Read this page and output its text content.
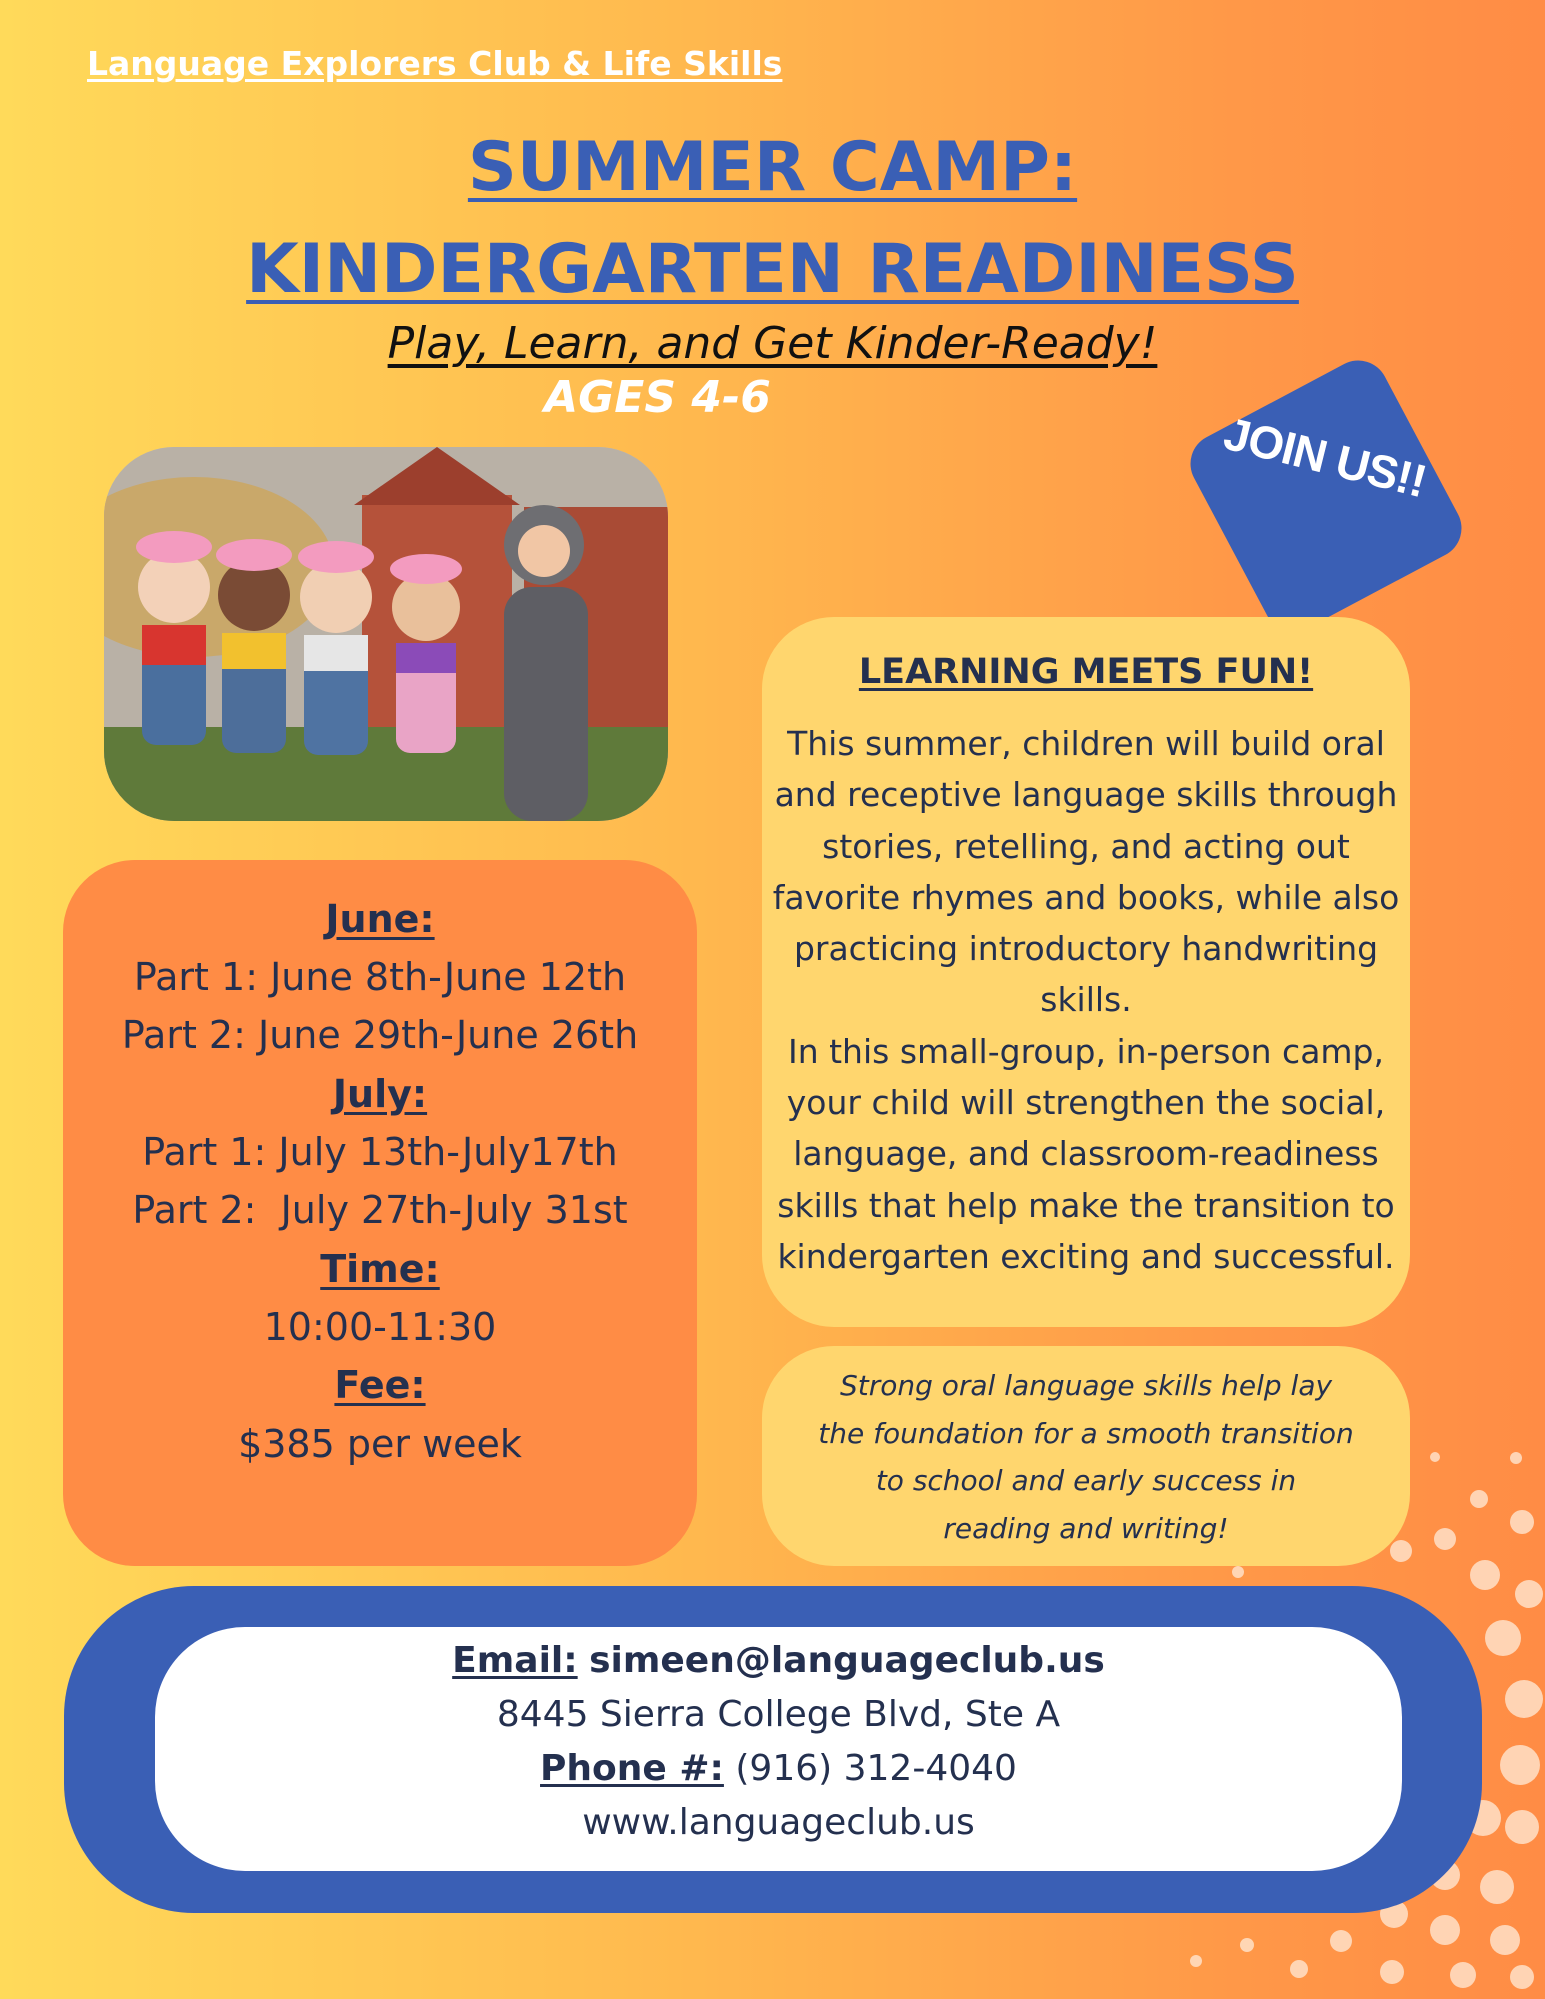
Language Explorers Club & Life Skills
SUMMER CAMP:
KINDERGARTEN READINESS
Play, Learn, and Get Kinder-Ready!
AGES 4-6
JOIN US!!
June:
Part 1: June 8th-June 12th
Part 2: June 29th-June 26th
July:
Part 1: July 13th-July17th
Part 2:  July 27th-July 31st
Time:
10:00-11:30
Fee:
$385 per week
LEARNING MEETS FUN!

This summer, children will build oral and receptive language skills through stories, retelling, and acting out favorite rhymes and books, while also practicing introductory handwriting skills.
In this small-group, in-person camp, your child will strengthen the social, language, and classroom-readiness skills that help make the transition to kindergarten exciting and successful.

Strong oral language skills help lay
the foundation for a smooth transition
to school and early success in
reading and writing!

Email: simeen@languageclub.us
8445 Sierra College Blvd, Ste A
Phone #: (916) 312-4040
www.languageclub.us
